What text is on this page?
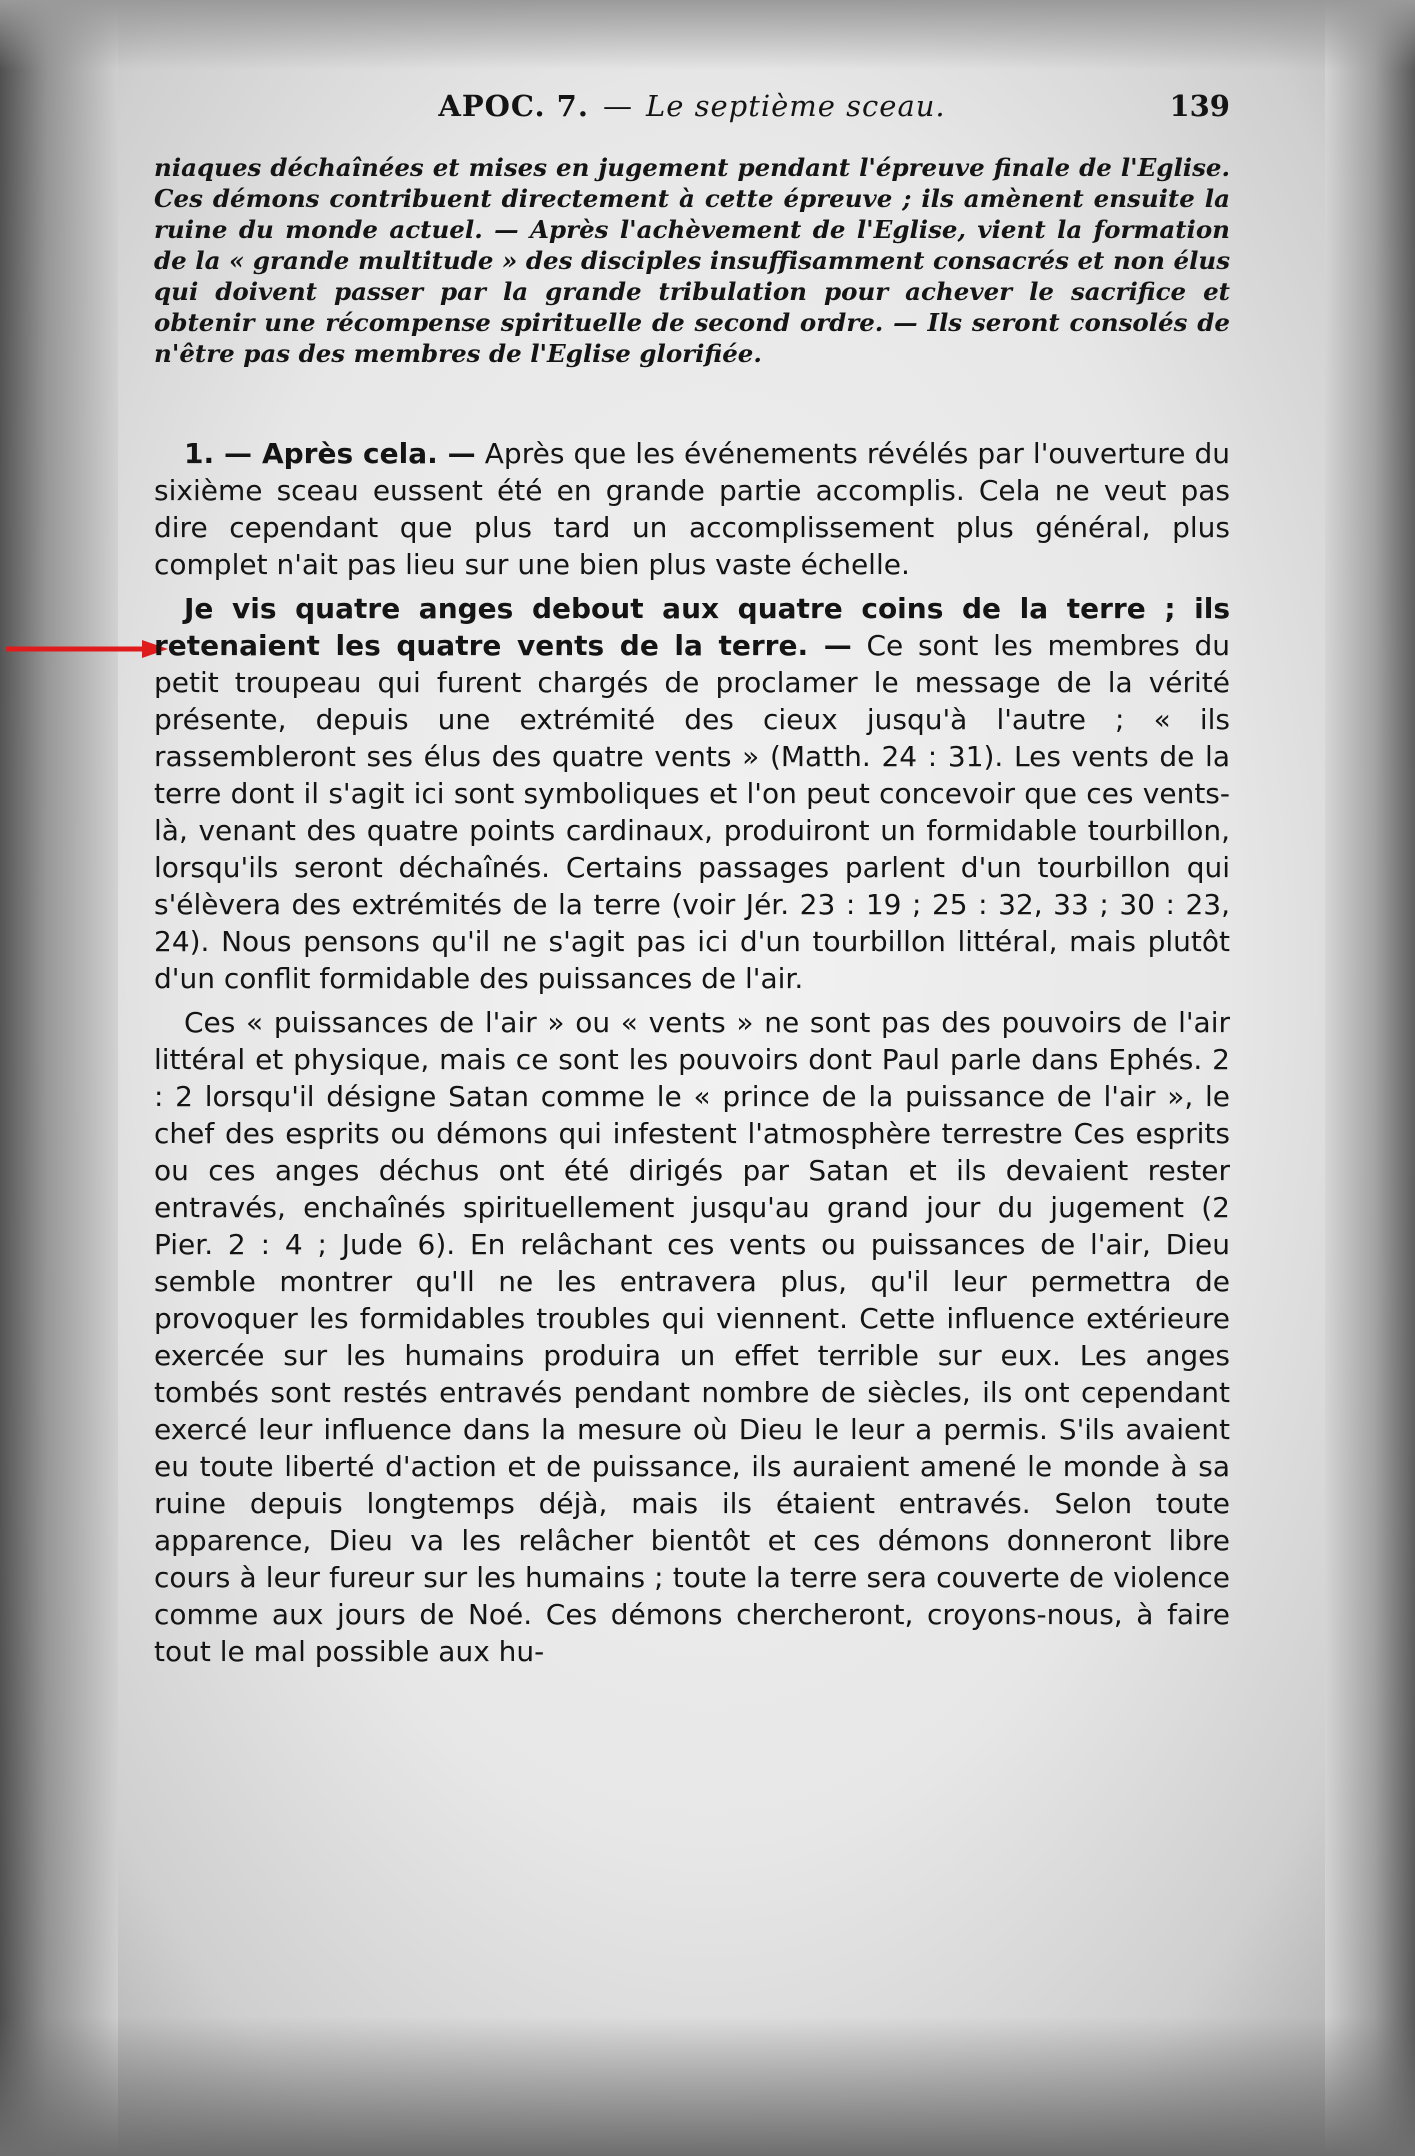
APOC. 7. — Le septième sceau.	139
niaques déchaînées et mises en jugement pendant l'épreuve finale de l'Eglise. Ces démons contribuent directement à cette épreuve ; ils amènent ensuite la ruine du monde actuel. — Après l'achèvement de l'Eglise, vient la formation de la « grande multitude » des disciples insuffisamment consacrés et non élus qui doivent passer par la grande tribulation pour achever le sacrifice et obtenir une récompense spirituelle de second ordre. — Ils seront consolés de n'être pas des membres de l'Eglise glorifiée.

1. — Après cela. — Après que les événements révélés par l'ouverture du sixième sceau eussent été en grande partie accomplis. Cela ne veut pas dire cependant que plus tard un accomplissement plus général, plus complet n'ait pas lieu sur une bien plus vaste échelle.

Je vis quatre anges debout aux quatre coins de la terre ; ils retenaient les quatre vents de la terre. — Ce sont les membres du petit troupeau qui furent chargés de proclamer le message de la vérité présente, depuis une extrémité des cieux jusqu'à l'autre ; « ils rassembleront ses élus des quatre vents » (Matth. 24 : 31). Les vents de la terre dont il s'agit ici sont symboliques et l'on peut concevoir que ces vents-là, venant des quatre points cardinaux, produiront un formidable tourbillon, lorsqu'ils seront déchaînés. Certains passages parlent d'un tourbillon qui s'élèvera des extrémités de la terre (voir Jér. 23 : 19 ; 25 : 32, 33 ; 30 : 23, 24). Nous pensons qu'il ne s'agit pas ici d'un tourbillon littéral, mais plutôt d'un conflit formidable des puissances de l'air.

Ces « puissances de l'air » ou « vents » ne sont pas des pouvoirs de l'air littéral et physique, mais ce sont les pouvoirs dont Paul parle dans Ephés. 2 : 2 lorsqu'il désigne Satan comme le « prince de la puissance de l'air », le chef des esprits ou démons qui infestent l'atmosphère terrestre Ces esprits ou ces anges déchus ont été dirigés par Satan et ils devaient rester entravés, enchaînés spirituellement jusqu'au grand jour du jugement (2 Pier. 2 : 4 ; Jude 6). En relâchant ces vents ou puissances de l'air, Dieu semble montrer qu'Il ne les entravera plus, qu'il leur permettra de provoquer les formidables troubles qui viennent. Cette influence extérieure exercée sur les humains produira un effet terrible sur eux. Les anges tombés sont restés entravés pendant nombre de siècles, ils ont cependant exercé leur influence dans la mesure où Dieu le leur a permis. S'ils avaient eu toute liberté d'action et de puissance, ils auraient amené le monde à sa ruine depuis longtemps déjà, mais ils étaient entravés. Selon toute apparence, Dieu va les relâcher bientôt et ces démons donneront libre cours à leur fureur sur les humains ; toute la terre sera couverte de violence comme aux jours de Noé. Ces démons chercheront, croyons-nous, à faire tout le mal possible aux hu-
